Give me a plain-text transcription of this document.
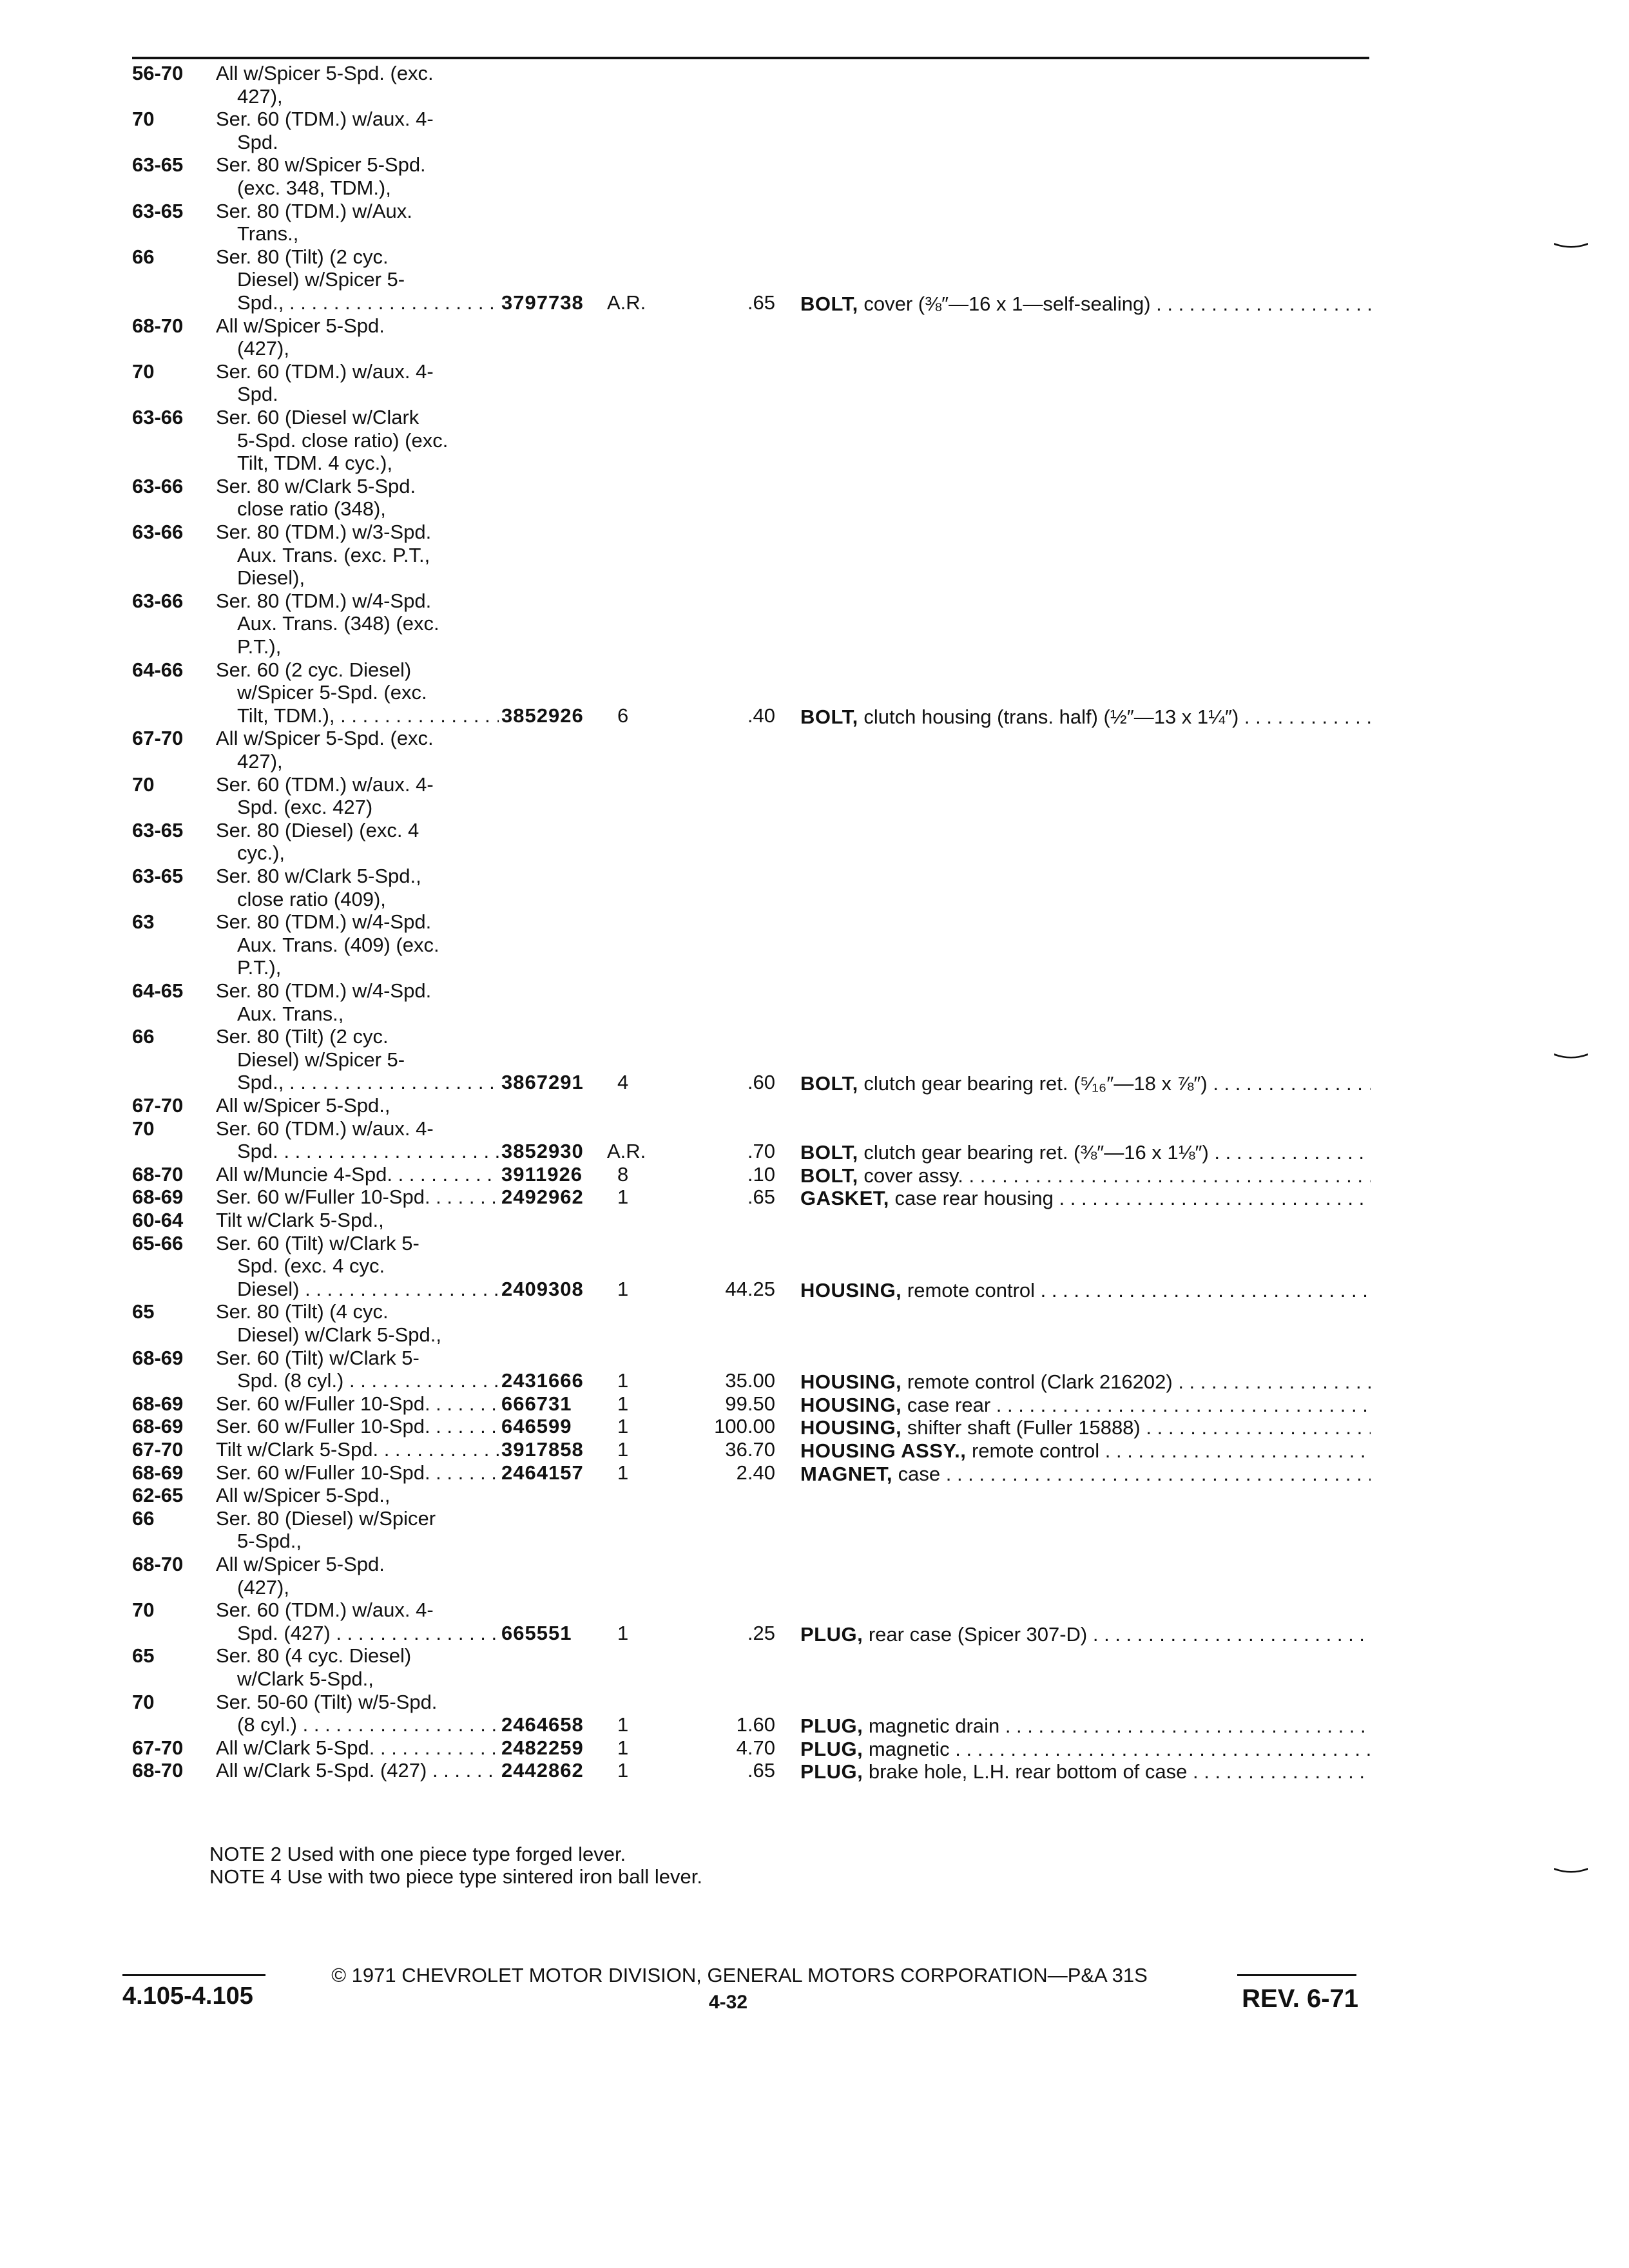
56-70 All w/Spicer 5-Spd. (exc.
427),
70	Ser. 60 (TDM.) w/aux. 4-
Spd.
63-65 Ser. 80 w/Spicer 5-Spd.
(exc. 348, TDM.),
63-65 Ser. 80 (TDM.) w/Aux.
Trans.,
66	Ser. 80 (Tilt) (2 cyc.
Diesel) w/Spicer 5-
Spd., . . .	3797738 A.R.	.65 BOLT, cover (⅜″—16 x 1—self-sealing) . . .
68-70 All w/Spicer 5-Spd.
(427),
70	Ser. 60 (TDM.) w/aux. 4-
Spd.
63-66 Ser. 60 (Diesel w/Clark
5-Spd. close ratio) (exc.
Tilt, TDM. 4 cyc.),
63-66 Ser. 80 w/Clark 5-Spd.
close ratio (348),
63-66 Ser. 80 (TDM.) w/3-Spd.
Aux. Trans. (exc. P.T.,
Diesel),
63-66 Ser. 80 (TDM.) w/4-Spd.
Aux. Trans. (348) (exc.
P.T.),
64-66 Ser. 60 (2 cyc. Diesel)
w/Spicer 5-Spd. (exc.
Tilt, TDM.), . . .	3852926 6	.40 BOLT, clutch housing (trans. half) (½″—13 x 1¼″) . . .
67-70 All w/Spicer 5-Spd. (exc.
427),
70	Ser. 60 (TDM.) w/aux. 4-
Spd. (exc. 427)
63-65 Ser. 80 (Diesel) (exc. 4
cyc.),
63-65 Ser. 80 w/Clark 5-Spd.,
close ratio (409),
63	Ser. 80 (TDM.) w/4-Spd.
Aux. Trans. (409) (exc.
P.T.),
64-65 Ser. 80 (TDM.) w/4-Spd.
Aux. Trans.,
66	Ser. 80 (Tilt) (2 cyc.
Diesel) w/Spicer 5-
Spd., . . .	3867291 4	.60 BOLT, clutch gear bearing ret. (⁵⁄₁₆″—18 x ⅞″) . . .
67-70 All w/Spicer 5-Spd.,
70	Ser. 60 (TDM.) w/aux. 4-
Spd. . . .	3852930 A.R.	.70 BOLT, clutch gear bearing ret. (⅜″—16 x 1⅛″) . . .
68-70 All w/Muncie 4-Spd. . . .	3911926 8	.10 BOLT, cover assy. . . .
68-69 Ser. 60 w/Fuller 10-Spd. . . .	2492962 1	.65 GASKET, case rear housing . . .
60-64 Tilt w/Clark 5-Spd.,
65-66 Ser. 60 (Tilt) w/Clark 5-
Spd. (exc. 4 cyc.
Diesel) . . .	2409308 1	44.25 HOUSING, remote control . . .
65	Ser. 80 (Tilt) (4 cyc.
Diesel) w/Clark 5-Spd.,
68-69 Ser. 60 (Tilt) w/Clark 5-
Spd. (8 cyl.) . . .	2431666 1	35.00 HOUSING, remote control (Clark 216202) . . .
68-69 Ser. 60 w/Fuller 10-Spd. . . .	666731 1	99.50 HOUSING, case rear . . .
68-69 Ser. 60 w/Fuller 10-Spd. . . .	646599 1	100.00 HOUSING, shifter shaft (Fuller 15888) . . .
67-70 Tilt w/Clark 5-Spd. . . .	3917858 1	36.70 HOUSING ASSY., remote control . . .
68-69 Ser. 60 w/Fuller 10-Spd. . . .	2464157 1	2.40 MAGNET, case . . .
62-65 All w/Spicer 5-Spd.,
66	Ser. 80 (Diesel) w/Spicer
5-Spd.,
68-70 All w/Spicer 5-Spd.
(427),
70	Ser. 60 (TDM.) w/aux. 4-
Spd. (427) . . .	665551 1	.25 PLUG, rear case (Spicer 307-D) . . .
65	Ser. 80 (4 cyc. Diesel)
w/Clark 5-Spd.,
70	Ser. 50-60 (Tilt) w/5-Spd.
(8 cyl.) . . .	2464658 1	1.60 PLUG, magnetic drain . . .
67-70 All w/Clark 5-Spd. . . .	2482259 1	4.70 PLUG, magnetic . . .
68-70 All w/Clark 5-Spd. (427) . . .	2442862 1	.65 PLUG, brake hole, L.H. rear bottom of case . . .
NOTE 2 Used with one piece type forged lever.
NOTE 4 Use with two piece type sintered iron ball lever.
© 1971 CHEVROLET MOTOR DIVISION, GENERAL MOTORS CORPORATION—P&A 31S
4.105-4.105	4-32	REV. 6-71
